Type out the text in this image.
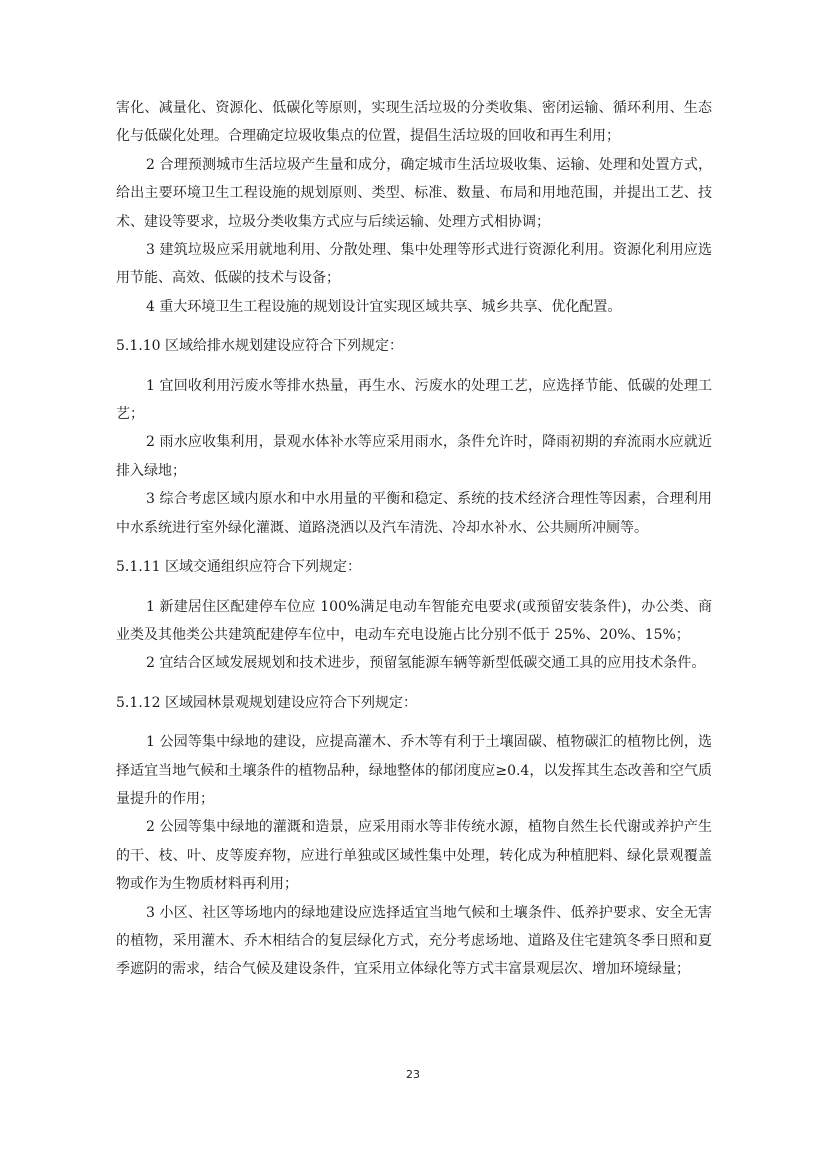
害化、减量化、资源化、低碳化等原则，实现生活垃圾的分类收集、密闭运输、循环利用、生态化与低碳化处理。合理确定垃圾收集点的位置，提倡生活垃圾的回收和再生利用；

2 合理预测城市生活垃圾产生量和成分，确定城市生活垃圾收集、运输、处理和处置方式，给出主要环境卫生工程设施的规划原则、类型、标准、数量、布局和用地范围，并提出工艺、技术、建设等要求，垃圾分类收集方式应与后续运输、处理方式相协调；

3 建筑垃圾应采用就地利用、分散处理、集中处理等形式进行资源化利用。资源化利用应选用节能、高效、低碳的技术与设备；

4 重大环境卫生工程设施的规划设计宜实现区域共享、城乡共享、优化配置。

5.1.10 区域给排水规划建设应符合下列规定：

1 宜回收利用污废水等排水热量，再生水、污废水的处理工艺，应选择节能、低碳的处理工艺；

2 雨水应收集利用，景观水体补水等应采用雨水，条件允许时，降雨初期的弃流雨水应就近排入绿地；

3 综合考虑区域内原水和中水用量的平衡和稳定、系统的技术经济合理性等因素，合理利用中水系统进行室外绿化灌溉、道路浇洒以及汽车清洗、冷却水补水、公共厕所冲厕等。

5.1.11 区域交通组织应符合下列规定：

1 新建居住区配建停车位应 100%满足电动车智能充电要求(或预留安装条件)，办公类、商业类及其他类公共建筑配建停车位中，电动车充电设施占比分别不低于 25%、20%、15%；

2 宜结合区域发展规划和技术进步，预留氢能源车辆等新型低碳交通工具的应用技术条件。

5.1.12 区域园林景观规划建设应符合下列规定：

1 公园等集中绿地的建设，应提高灌木、乔木等有利于土壤固碳、植物碳汇的植物比例，选择适宜当地气候和土壤条件的植物品种，绿地整体的郁闭度应≥0.4，以发挥其生态改善和空气质量提升的作用；

2 公园等集中绿地的灌溉和造景，应采用雨水等非传统水源，植物自然生长代谢或养护产生的干、枝、叶、皮等废弃物，应进行单独或区域性集中处理，转化成为种植肥料、绿化景观覆盖物或作为生物质材料再利用；

3 小区、社区等场地内的绿地建设应选择适宜当地气候和土壤条件、低养护要求、安全无害的植物，采用灌木、乔木相结合的复层绿化方式，充分考虑场地、道路及住宅建筑冬季日照和夏季遮阴的需求，结合气候及建设条件，宜采用立体绿化等方式丰富景观层次、增加环境绿量；

23
